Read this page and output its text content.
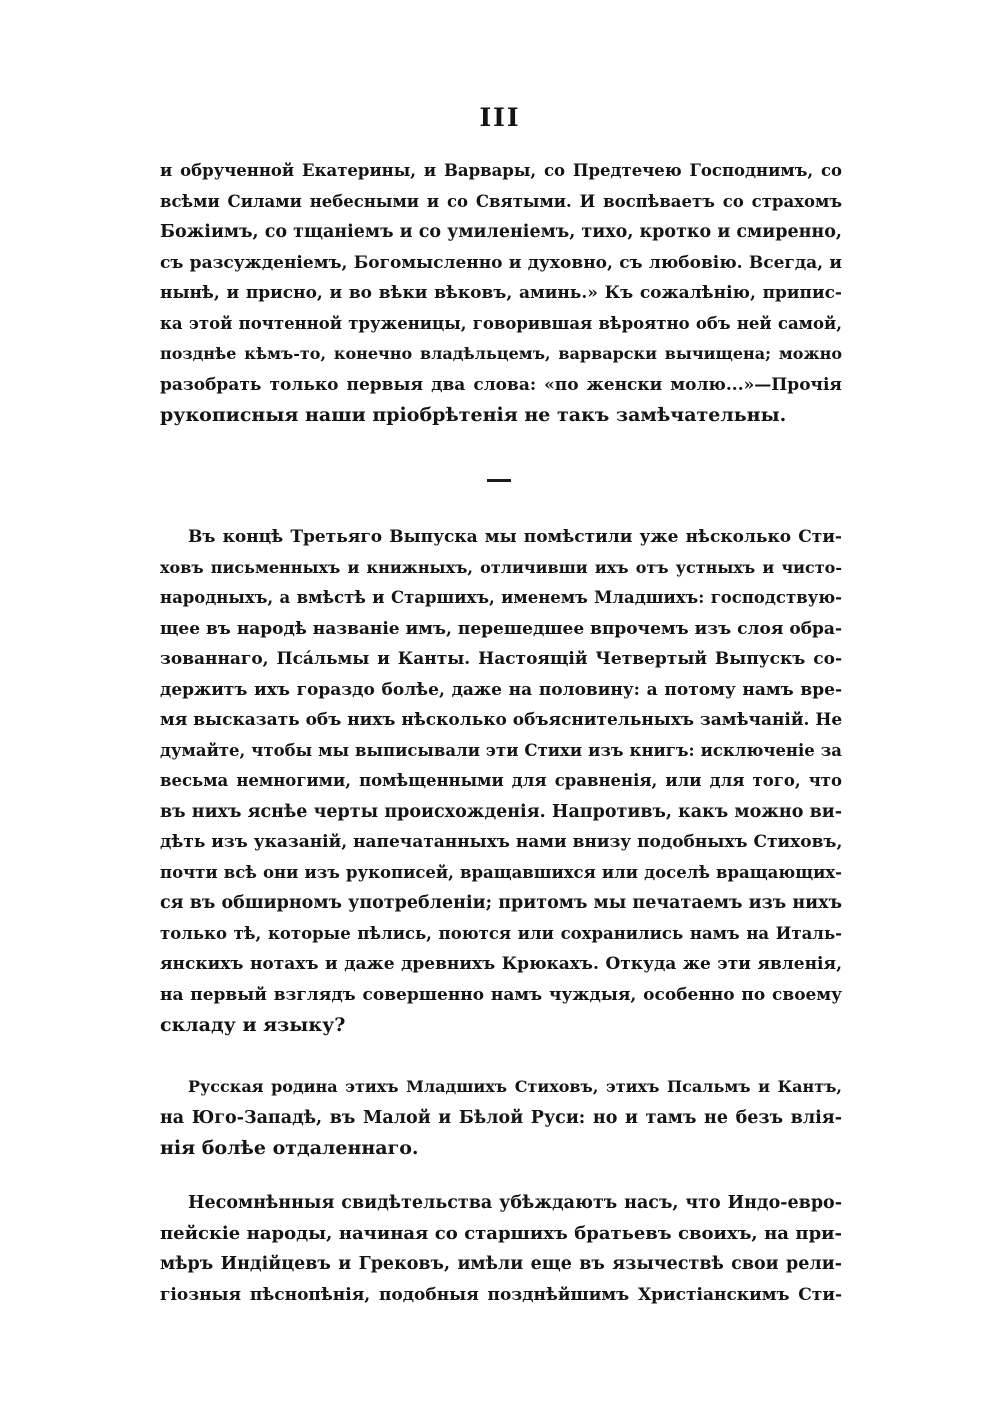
III
и обрученной Екатерины, и Варвары, со Предтечею Господнимъ, со
всѣми Силами небесными и со Святыми. И воспѣваетъ со страхомъ
Божіимъ, со тщаніемъ и со умиленіемъ, тихо, кротко и смиренно,
съ разсужденіемъ, Богомысленно и духовно, съ любовію. Всегда, и
нынѣ, и присно, и во вѣки вѣковъ, аминь.» Къ сожалѣнію, припис-
ка этой почтенной труженицы, говорившая вѣроятно объ ней самой,
позднѣе кѣмъ-то, конечно владѣльцемъ, варварски вычищена; можно
разобрать только первыя два слова: «по женски молю...»—Прочія
рукописныя наши пріобрѣтенія не такъ замѣчательны.
Въ концѣ Третьяго Выпуска мы помѣстили уже нѣсколько Сти-
ховъ письменныхъ и книжныхъ, отличивши ихъ отъ устныхъ и чисто-
народныхъ, а вмѣстѣ и Старшихъ, именемъ Младшихъ: господствую-
щее въ народѣ названіе имъ, перешедшее впрочемъ изъ слоя обра-
зованнаго, Псáльмы и Канты. Настоящій Четвертый Выпускъ со-
держитъ ихъ гораздо болѣе, даже на половину: а потому намъ вре-
мя высказать объ нихъ нѣсколько объяснительныхъ замѣчаній. Не
думайте, чтобы мы выписывали эти Стихи изъ книгъ: исключеніе за
весьма немногими, помѣщенными для сравненія, или для того, что
въ нихъ яснѣе черты происхожденія. Напротивъ, какъ можно ви-
дѣть изъ указаній, напечатанныхъ нами внизу подобныхъ Стиховъ,
почти всѣ они изъ рукописей, вращавшихся или доселѣ вращающих-
ся въ обширномъ употребленіи; притомъ мы печатаемъ изъ нихъ
только тѣ, которые пѣлись, поются или сохранились намъ на Италь-
янскихъ нотахъ и даже древнихъ Крюкахъ. Откуда же эти явленія,
на первый взглядъ совершенно намъ чуждыя, особенно по своему
складу и языку?
Русская родина этихъ Младшихъ Стиховъ, этихъ Псальмъ и Кантъ,
на Юго-Западѣ, въ Малой и Бѣлой Руси: но и тамъ не безъ влія-
нія болѣе отдаленнаго.
Несомнѣнныя свидѣтельства убѣждаютъ насъ, что Индо-евро-
пейскіе народы, начиная со старшихъ братьевъ своихъ, на при-
мѣръ Индійцевъ и Грековъ, имѣли еще въ язычествѣ свои рели-
гіозныя пѣснопѣнія, подобныя позднѣйшимъ Христіанскимъ Сти-
